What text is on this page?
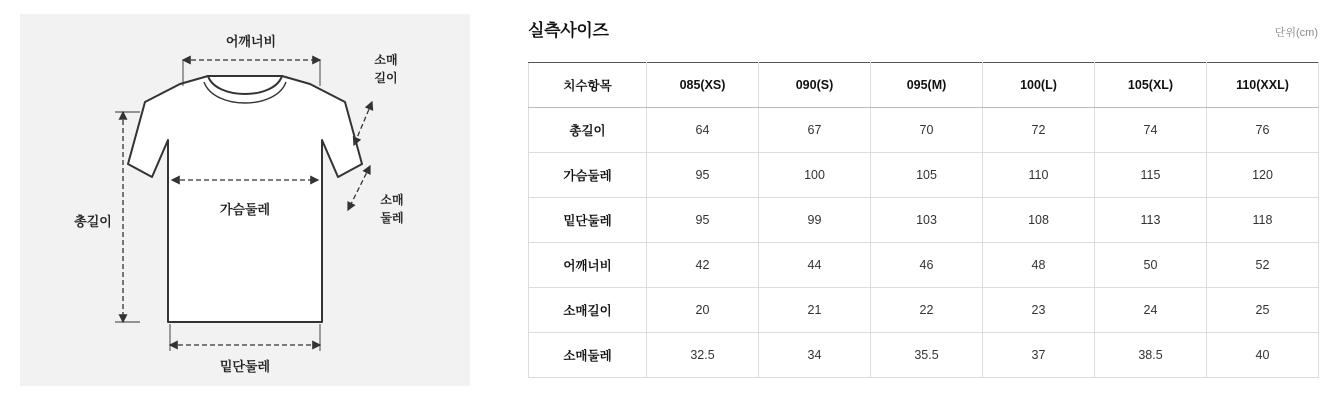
어깨너비
소매
길이
소매
둘레
가슴둘레
총길이
밑단둘레
실측사이즈	단위(cm)
치수항목	085(XS)	090(S)	095(M)	100(L)	105(XL)	110(XXL)
총길이	64	67	70	72	74	76
가슴둘레	95	100	105	110	115	120
밑단둘레	95	99	103	108	113	118
어깨너비	42	44	46	48	50	52
소매길이	20	21	22	23	24	25
소매둘레	32.5	34	35.5	37	38.5	40
